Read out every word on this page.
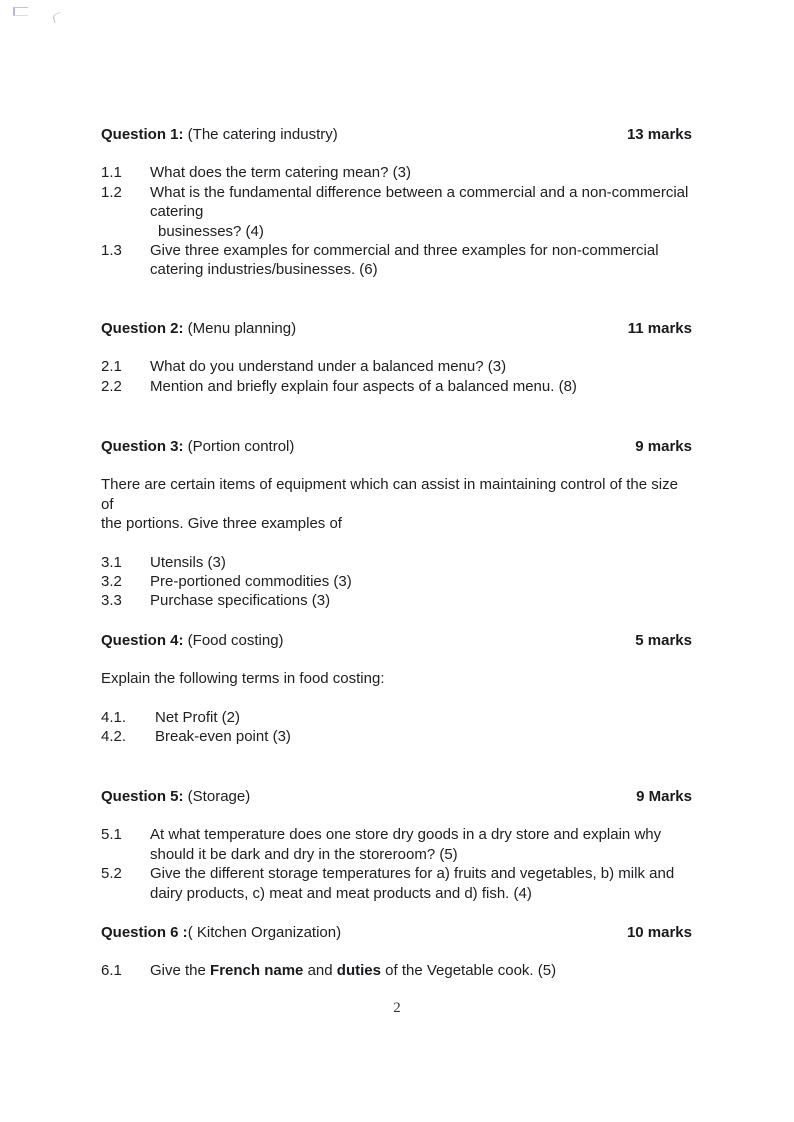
Question 1: (The catering industry)	13 marks
1.1	What does the term catering mean? (3)
1.2	What is the fundamental difference between a commercial and a non-commercial
catering
businesses? (4)
1.3	Give three examples for commercial and three examples for non-commercial
catering industries/businesses. (6)
Question 2: (Menu planning)	11 marks
2.1	What do you understand under a balanced menu? (3)
2.2	Mention and briefly explain four aspects of a balanced menu. (8)
Question 3: (Portion control)	9 marks

There are certain items of equipment which can assist in maintaining control of the size of
the portions. Give three examples of

3.1	Utensils (3)
3.2	Pre-portioned commodities (3)
3.3	Purchase specifications (3)
Question 4: (Food costing)	5 marks

Explain the following terms in food costing:

4.1.	Net Profit (2)
4.2.	Break-even point (3)
Question 5: (Storage)	9 Marks
5.1	At what temperature does one store dry goods in a dry store and explain why
should it be dark and dry in the storeroom? (5)
5.2	Give the different storage temperatures for a) fruits and vegetables, b) milk and
dairy products, c) meat and meat products and d) fish. (4)
Question 6 :( Kitchen Organization)	10 marks
6.1	Give the French name and duties of the Vegetable cook. (5)
2
